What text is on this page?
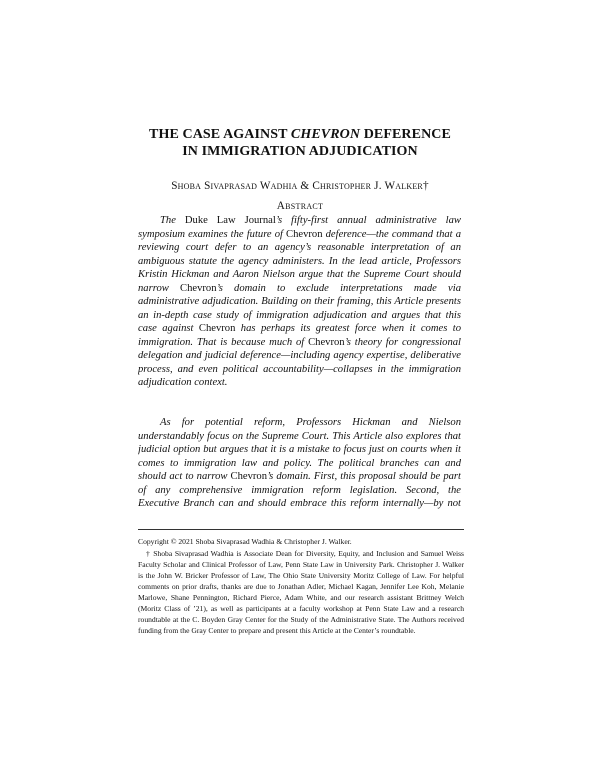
THE CASE AGAINST CHEVRON DEFERENCE
IN IMMIGRATION ADJUDICATION
Shoba Sivaprasad Wadhia & Christopher J. Walker†
Abstract

The Duke Law Journal’s fifty-first annual administrative law symposium examines the future of Chevron deference—the command that a reviewing court defer to an agency’s reasonable interpretation of an ambiguous statute the agency administers. In the lead article, Professors Kristin Hickman and Aaron Nielson argue that the Supreme Court should narrow Chevron’s domain to exclude interpretations made via administrative adjudication. Building on their framing, this Article presents an in-depth case study of immigration adjudication and argues that this case against Chevron has perhaps its greatest force when it comes to immigration. That is because much of Chevron’s theory for congressional delegation and judicial deference—including agency expertise, deliberative process, and even political accountability—collapses in the immigration adjudication context.

As for potential reform, Professors Hickman and Nielson understandably focus on the Supreme Court. This Article also explores that judicial option but argues that it is a mistake to focus just on courts when it comes to immigration law and policy. The political branches can and should act to narrow Chevron’s domain. First, this proposal should be part of any comprehensive immigration reform legislation. Second, the Executive Branch can and should embrace this reform internally—by not

Copyright © 2021 Shoba Sivaprasad Wadhia & Christopher J. Walker.

† Shoba Sivaprasad Wadhia is Associate Dean for Diversity, Equity, and Inclusion and Samuel Weiss Faculty Scholar and Clinical Professor of Law, Penn State Law in University Park. Christopher J. Walker is the John W. Bricker Professor of Law, The Ohio State University Moritz College of Law. For helpful comments on prior drafts, thanks are due to Jonathan Adler, Michael Kagan, Jennifer Lee Koh, Melanie Marlowe, Shane Pennington, Richard Pierce, Adam White, and our research assistant Brittney Welch (Moritz Class of ’21), as well as participants at a faculty workshop at Penn State Law and a research roundtable at the C. Boyden Gray Center for the Study of the Administrative State. The Authors received funding from the Gray Center to prepare and present this Article at the Center’s roundtable.
